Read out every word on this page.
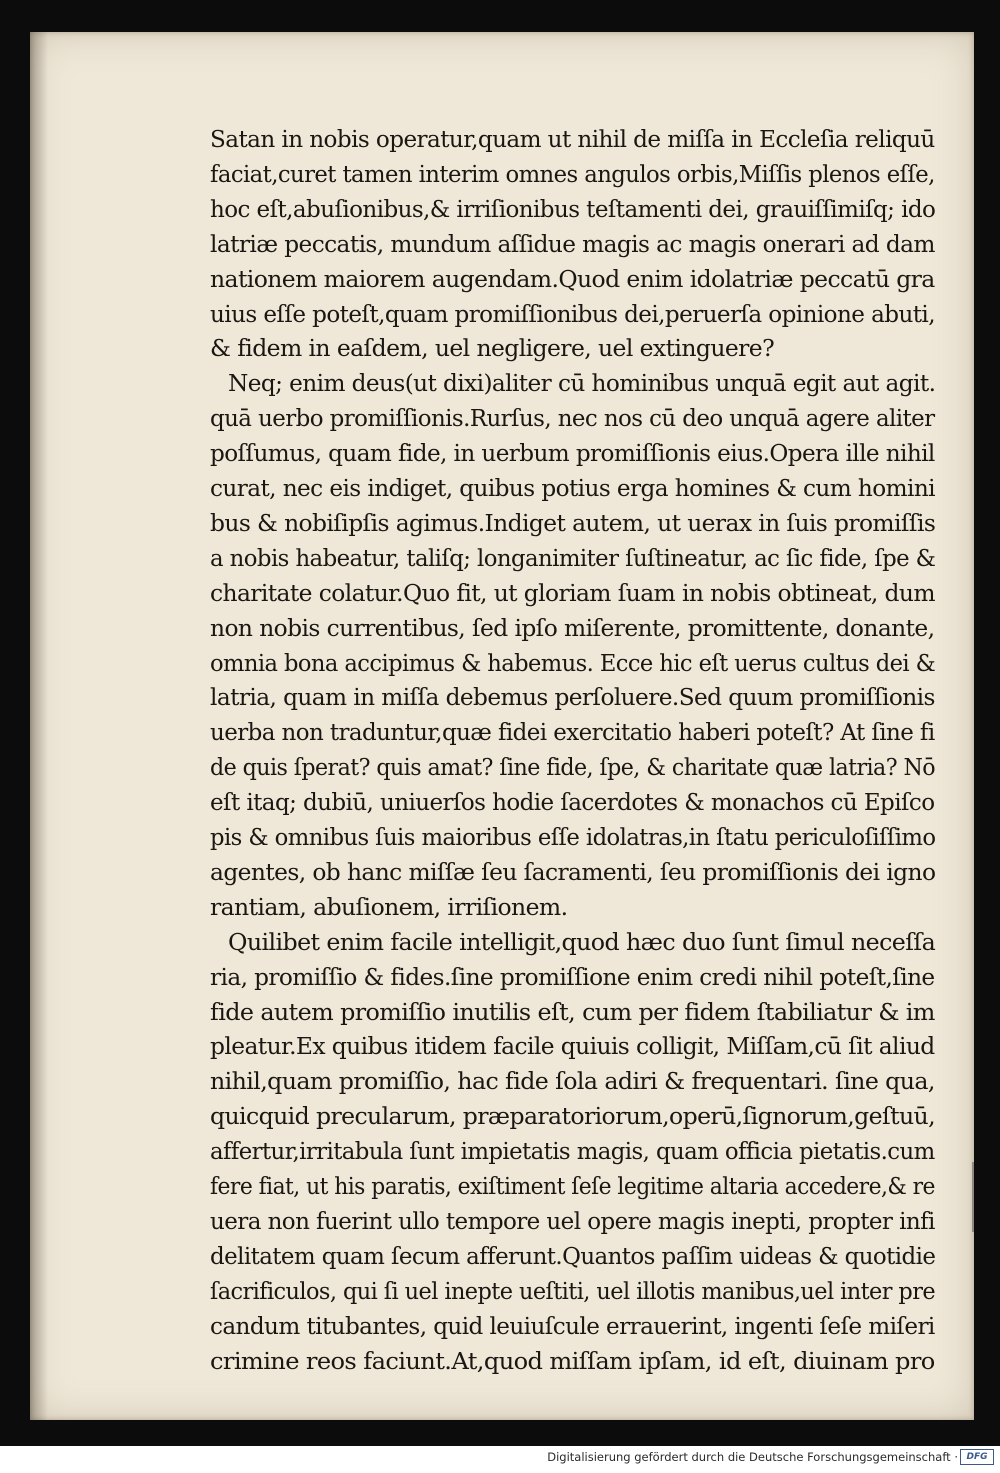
Satan in nobis operatur,quam ut nihil de miſſa in Eccleſia reliquū
faciat,curet tamen interim omnes angulos orbis,Miſſis plenos eſſe,
hoc eſt,abuſionibus,& irriſionibus teſtamenti dei, grauiſſimiſq; ido
latriæ peccatis, mundum aſſidue magis ac magis onerari ad dam
nationem maiorem augendam.Quod enim idolatriæ peccatū gra
uius eſſe poteſt,quam promiſſionibus dei,peruerſa opinione abuti,
& fidem in eaſdem, uel negligere, uel extinguere?
Neq; enim deus(ut dixi)aliter cū hominibus unquā egit aut agit.
quā uerbo promiſſionis.Rurſus, nec nos cū deo unquā agere aliter
poſſumus, quam fide, in uerbum promiſſionis eius.Opera ille nihil
curat, nec eis indiget, quibus potius erga homines & cum homini
bus & nobiſipſis agimus.Indiget autem, ut uerax in ſuis promiſſis
a nobis habeatur, taliſq; longanimiter ſuſtineatur, ac ſic fide, ſpe &
charitate colatur.Quo fit, ut gloriam ſuam in nobis obtineat, dum
non nobis currentibus, ſed ipſo miſerente, promittente, donante,
omnia bona accipimus & habemus. Ecce hic eſt uerus cultus dei &
latria, quam in miſſa debemus perſoluere.Sed quum promiſſionis
uerba non traduntur,quæ fidei exercitatio haberi poteſt? At ſine fi
de quis ſperat? quis amat? ſine fide, ſpe, & charitate quæ latria? Nō
eſt itaq; dubiū, uniuerſos hodie ſacerdotes & monachos cū Epiſco
pis & omnibus ſuis maioribus eſſe idolatras,in ſtatu periculoſiſſimo
agentes, ob hanc miſſæ ſeu ſacramenti, ſeu promiſſionis dei igno
rantiam, abuſionem, irriſionem.
Quilibet enim facile intelligit,quod hæc duo ſunt ſimul neceſſa
ria, promiſſio & fides.ſine promiſſione enim credi nihil poteſt,ſine
fide autem promiſſio inutilis eſt, cum per fidem ſtabiliatur & im
pleatur.Ex quibus itidem facile quiuis colligit, Miſſam,cū ſit aliud
nihil,quam promiſſio, hac fide ſola adiri & frequentari. ſine qua,
quicquid precularum, præparatoriorum,operū,ſignorum,geſtuū,
affertur,irritabula ſunt impietatis magis, quam officia pietatis.cum
fere fiat, ut his paratis, exiſtiment ſeſe legitime altaria accedere,& re
uera non fuerint ullo tempore uel opere magis inepti, propter infi
delitatem quam ſecum afferunt.Quantos paſſim uideas & quotidie
ſacrificulos, qui ſi uel inepte ueſtiti, uel illotis manibus,uel inter pre
candum titubantes, quid leuiuſcule errauerint, ingenti ſeſe miſeri
crimine reos faciunt.At,quod miſſam ipſam, id eſt, diuinam pro
Digitalisierung gefördert durch die Deutsche Forschungsgemeinschaft · DFG
